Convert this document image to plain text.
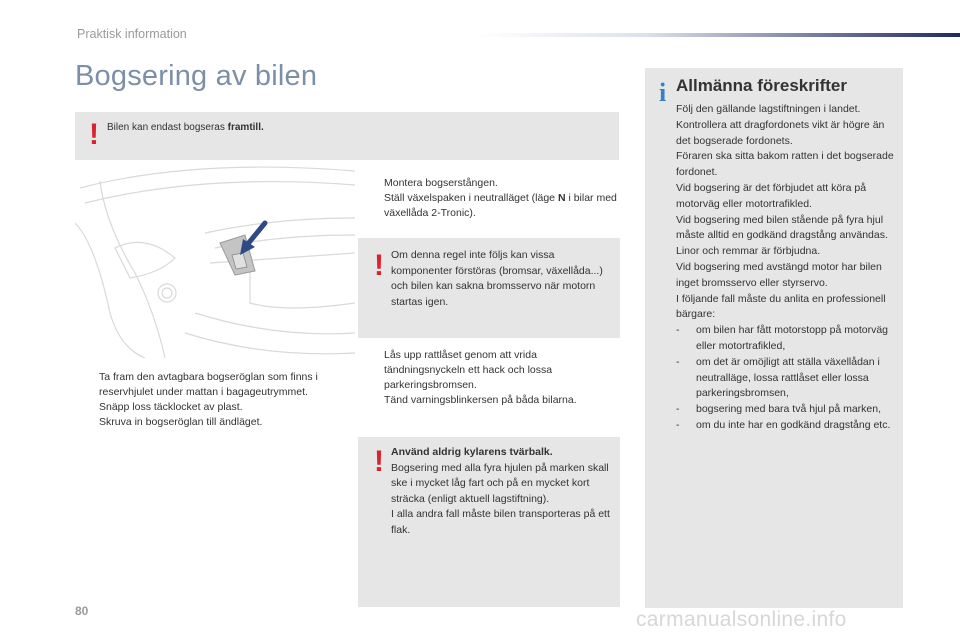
Praktisk information
Bogsering av bilen
! Bilen kan endast bogseras framtill.
Ta fram den avtagbara bogseröglan som finns i reservhjulet under mattan i bagageutrymmet.
Snäpp loss täcklocket av plast.
Skruva in bogseröglan till ändläget.
Montera bogserstången.
Ställ växelspaken i neutralläget (läge N i bilar med växellåda 2-Tronic).
! Om denna regel inte följs kan vissa komponenter förstöras (bromsar, växellåda...) och bilen kan sakna bromsservo när motorn startas igen.
Lås upp rattlåset genom att vrida tändningsnyckeln ett hack och lossa parkeringsbromsen.
Tänd varningsblinkersen på båda bilarna.
! Använd aldrig kylarens tvärbalk.
Bogsering med alla fyra hjulen på marken skall ske i mycket låg fart och på en mycket kort sträcka (enligt aktuell lagstiftning).
I alla andra fall måste bilen transporteras på ett flak.
i Allmänna föreskrifter

Följ den gällande lagstiftningen i landet.

Kontrollera att dragfordonets vikt är högre än det bogserade fordonets.

Föraren ska sitta bakom ratten i det bogserade fordonet.

Vid bogsering är det förbjudet att köra på motorväg eller motortrafikled.

Vid bogsering med bilen stående på fyra hjul måste alltid en godkänd dragstång användas. Linor och remmar är förbjudna.

Vid bogsering med avstängd motor har bilen inget bromsservo eller styrservo.

I följande fall måste du anlita en professionell bärgare:

- om bilen har fått motorstopp på motorväg eller motortrafikled,
- om det är omöjligt att ställa växellådan i neutralläge, lossa rattlåset eller lossa parkeringsbromsen,
- bogsering med bara två hjul på marken,
- om du inte har en godkänd dragstång etc.
80	carmanualsonline.info
